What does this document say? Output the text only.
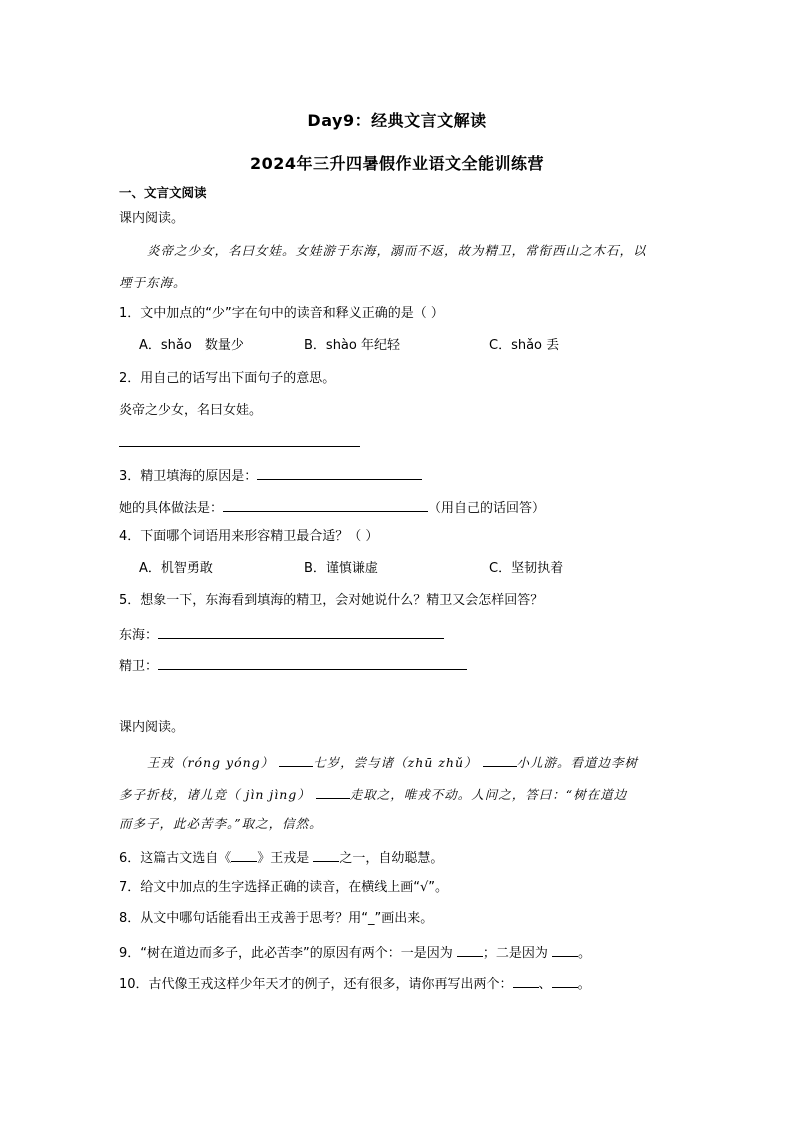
Day9：经典文言文解读
2024年三升四暑假作业语文全能训练营
一、文言文阅读
课内阅读。
炎帝之少女，名曰女娃。女娃游于东海，溺而不返，故为精卫，常衔西山之木石，以
堙于东海。
1．文中加点的“少”字在句中的读音和释义正确的是（ ）
A．shǎo　数量少	B．shào 年纪轻	C．shǎo 丢
2．用自己的话写出下面句子的意思。
炎帝之少女，名曰女娃。
3．精卫填海的原因是：
她的具体做法是：	（用自己的话回答）
4．下面哪个词语用来形容精卫最合适？（ ）
A．机智勇敢	B．谨慎谦虚	C．坚韧执着
5．想象一下，东海看到填海的精卫，会对她说什么？精卫又会怎样回答？
东海：
精卫：
课内阅读。
王戎（róng yóng）	七岁，尝与诸（zhū zhǔ）	小儿游。看道边李树
多子折枝，诸儿竞（ jìn jìng）	走取之，唯戎不动。人问之，答曰：“树在道边
而多子，此必苦李。”取之，信然。
6．这篇古文选自《 》王戎是 之一，自幼聪慧。
7．给文中加点的生字选择正确的读音，在横线上画“√”。
8．从文中哪句话能看出王戎善于思考？用“_”画出来。
9．“树在道边而多子，此必苦李”的原因有两个：一是因为 ；二是因为 。
10．古代像王戎这样少年天才的例子，还有很多，请你再写出两个： 、 。
